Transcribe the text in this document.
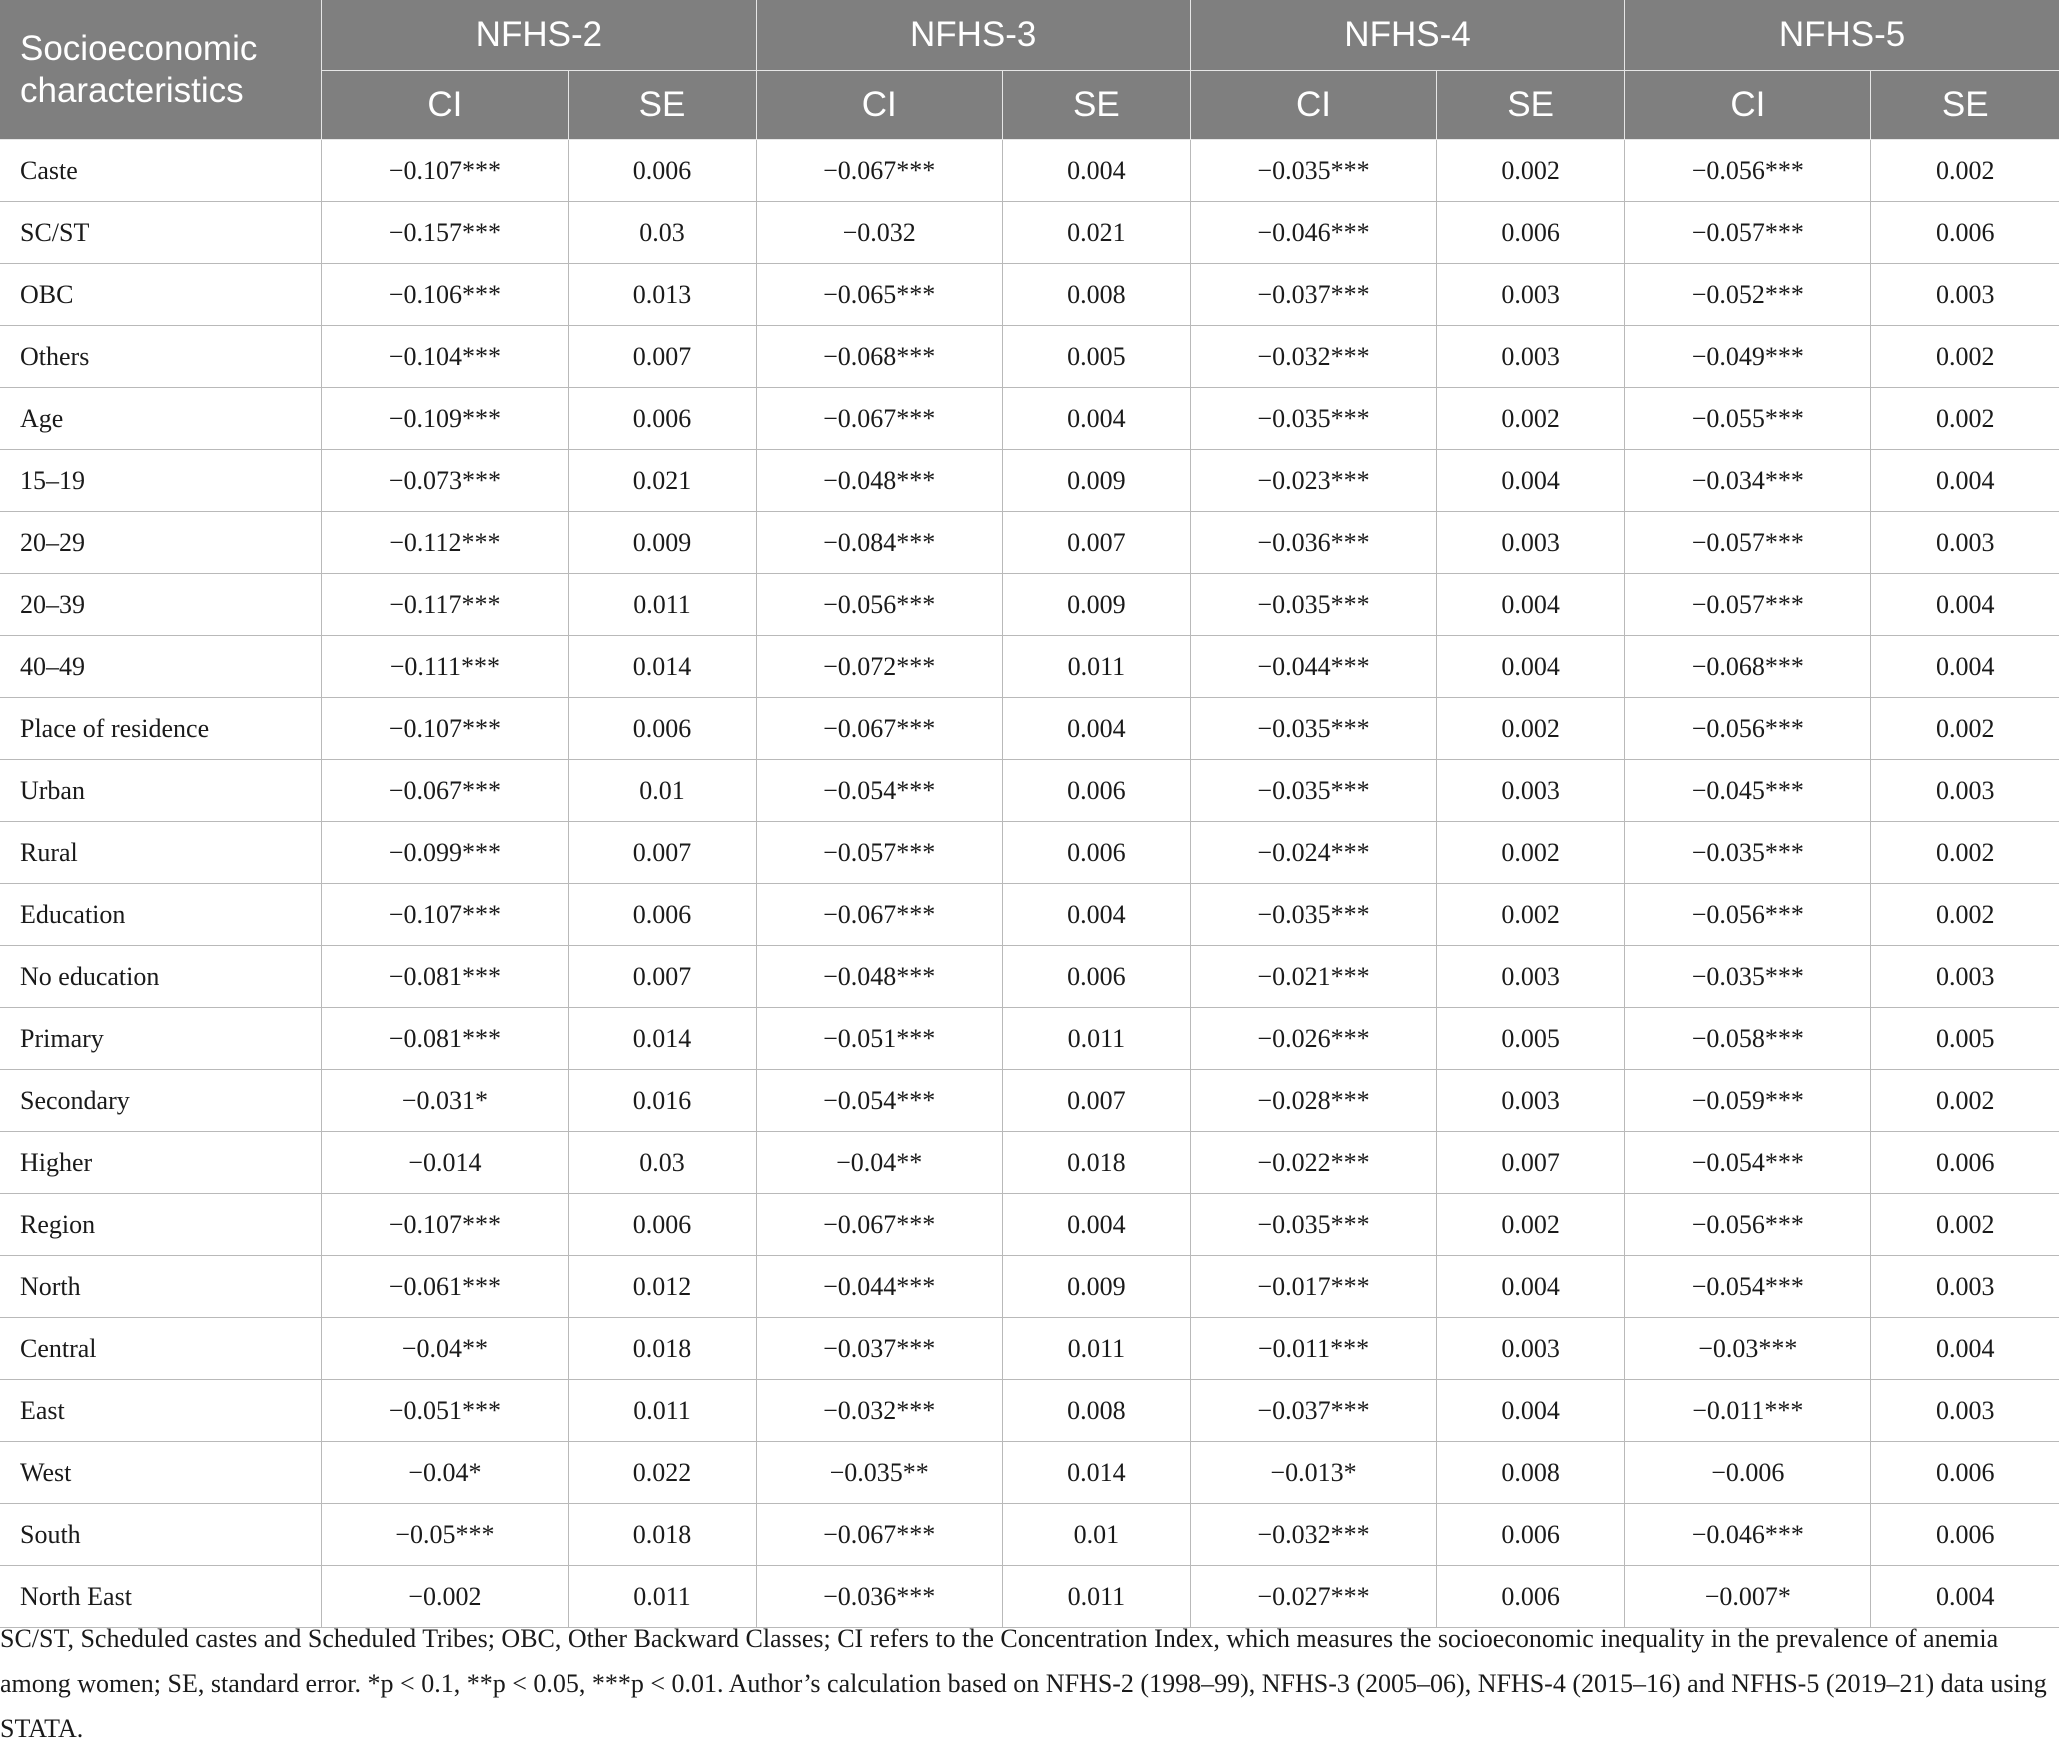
Socioeconomic characteristics	NFHS-2		NFHS-3		NFHS-4		NFHS-5	
	CI	SE	CI	SE	CI	SE	CI	SE
Caste	−0.107***	0.006	−0.067***	0.004	−0.035***	0.002	−0.056***	0.002
SC/ST	−0.157***	0.03	−0.032	0.021	−0.046***	0.006	−0.057***	0.006
OBC	−0.106***	0.013	−0.065***	0.008	−0.037***	0.003	−0.052***	0.003
Others	−0.104***	0.007	−0.068***	0.005	−0.032***	0.003	−0.049***	0.002
Age	−0.109***	0.006	−0.067***	0.004	−0.035***	0.002	−0.055***	0.002
15–19	−0.073***	0.021	−0.048***	0.009	−0.023***	0.004	−0.034***	0.004
20–29	−0.112***	0.009	−0.084***	0.007	−0.036***	0.003	−0.057***	0.003
20–39	−0.117***	0.011	−0.056***	0.009	−0.035***	0.004	−0.057***	0.004
40–49	−0.111***	0.014	−0.072***	0.011	−0.044***	0.004	−0.068***	0.004
Place of residence	−0.107***	0.006	−0.067***	0.004	−0.035***	0.002	−0.056***	0.002
Urban	−0.067***	0.01	−0.054***	0.006	−0.035***	0.003	−0.045***	0.003
Rural	−0.099***	0.007	−0.057***	0.006	−0.024***	0.002	−0.035***	0.002
Education	−0.107***	0.006	−0.067***	0.004	−0.035***	0.002	−0.056***	0.002
No education	−0.081***	0.007	−0.048***	0.006	−0.021***	0.003	−0.035***	0.003
Primary	−0.081***	0.014	−0.051***	0.011	−0.026***	0.005	−0.058***	0.005
Secondary	−0.031*	0.016	−0.054***	0.007	−0.028***	0.003	−0.059***	0.002
Higher	−0.014	0.03	−0.04**	0.018	−0.022***	0.007	−0.054***	0.006
Region	−0.107***	0.006	−0.067***	0.004	−0.035***	0.002	−0.056***	0.002
North	−0.061***	0.012	−0.044***	0.009	−0.017***	0.004	−0.054***	0.003
Central	−0.04**	0.018	−0.037***	0.011	−0.011***	0.003	−0.03***	0.004
East	−0.051***	0.011	−0.032***	0.008	−0.037***	0.004	−0.011***	0.003
West	−0.04*	0.022	−0.035**	0.014	−0.013*	0.008	−0.006	0.006
South	−0.05***	0.018	−0.067***	0.01	−0.032***	0.006	−0.046***	0.006
North East	−0.002	0.011	−0.036***	0.011	−0.027***	0.006	−0.007*	0.004

SC/ST, Scheduled castes and Scheduled Tribes; OBC, Other Backward Classes; CI refers to the Concentration Index, which measures the socioeconomic inequality in the prevalence of anemia among women; SE, standard error. *p < 0.1, **p < 0.05, ***p < 0.01. Author’s calculation based on NFHS-2 (1998–99), NFHS-3 (2005–06), NFHS-4 (2015–16) and NFHS-5 (2019–21) data using STATA.
